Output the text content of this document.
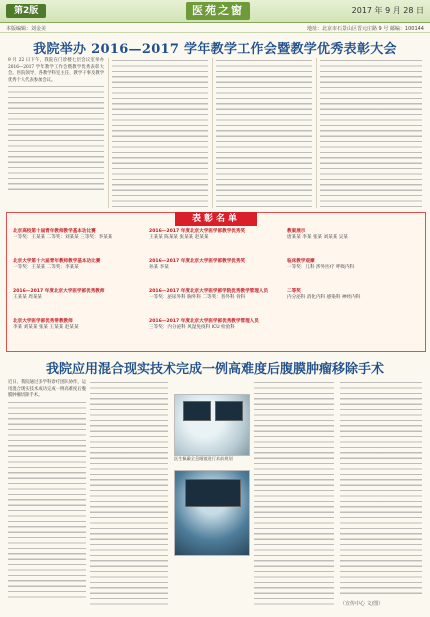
第2版	医苑之窗	2017 年 9 月 28 日
本版编辑：刘金美	地址：北京市石景山区晋元庄路 9 号 邮编：100144
我院举办 2016—2017 学年教学工作会暨教学优秀表彰大会
9 月 22 日下午，我院在门诊楼七层会议室举办 2016—2017 学年教学工作会暨教学优秀表彰大会。医院领导、各教学科室主任、教学干事及教学优秀个人代表参加会议。
表彰名单
北京高校第十届青年教师教学基本功比赛
一等奖：王某某 二等奖：刘某某 三等奖：李某某
2016—2017 年度北京大学医学部教学优秀奖
王某某 陈某某 张某某 赵某某
教案展示
唐某某 李某 张某 刘某某 吴某
北京大学第十六届青年教师教学基本功比赛
一等奖：王某某 二等奖：李某某
2016—2017 年度北京大学医学部教学优秀奖
孙某 李某
临床教学观摩
一等奖：儿科 涉外医疗 呼吸内科
2016—2017 年度北京大学医学部优秀教师
王某某 周某某
2016—2017 年度北京大学医学部学院优秀教学管理人员
一等奖：泌尿外科 胸外科 二等奖：普外科 骨科
二等奖
内分泌科 消化内科 感染科 神经内科
北京大学医学部优秀带教教师
李某 刘某某 张某 王某某 赵某某
2016—2017 年度北京大学医学部优秀教学管理人员
三等奖：内分泌科 风湿免疫科 ICU 检验科
我院应用混合现实技术完成一例高难度后腹膜肿瘤移除手术
近日，我院通过多学科诊疗团队协作，运用混合现实技术成功完成一例高难度后腹膜肿瘤切除手术。
医生佩戴全息眼镜进行术前规划
（宣传中心 文/图）
